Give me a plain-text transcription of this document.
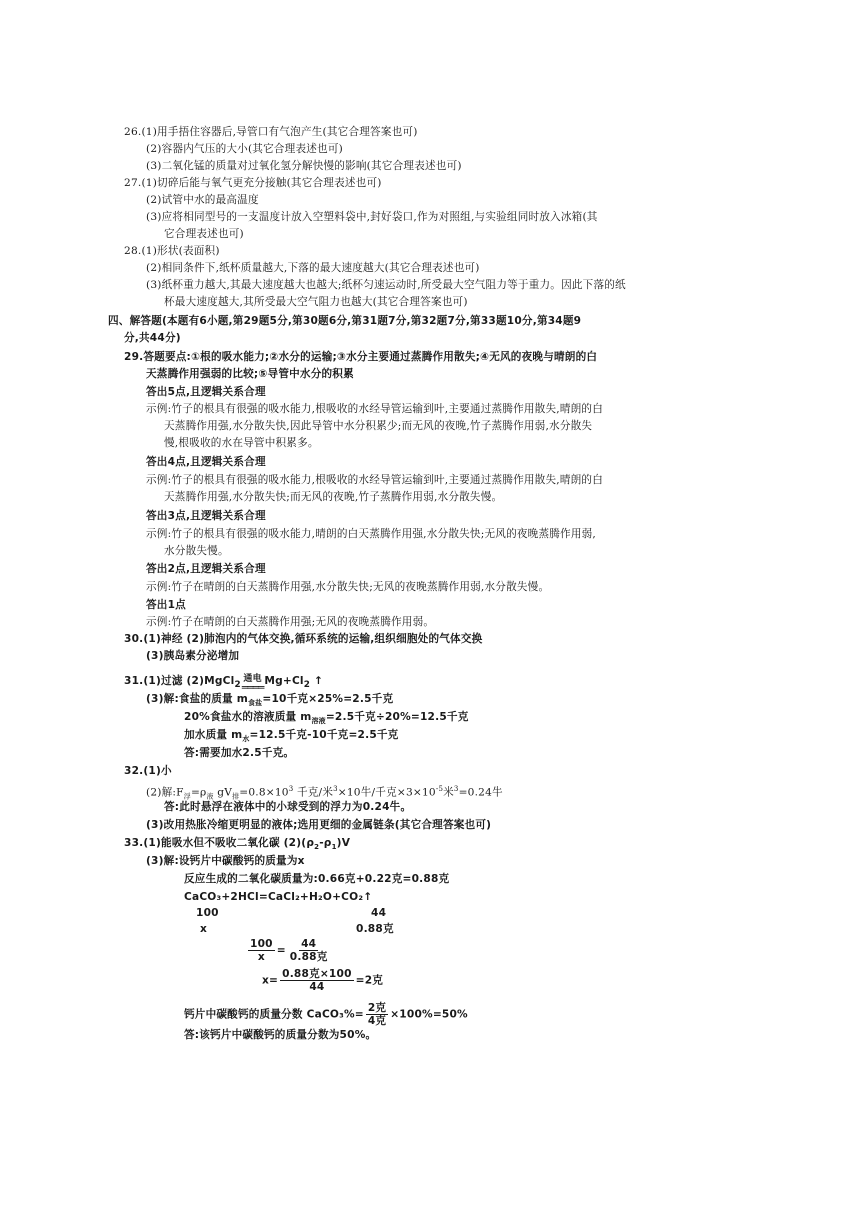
26.(1)用手捂住容器后,导管口有气泡产生(其它合理答案也可)
(2)容器内气压的大小(其它合理表述也可)
(3)二氧化锰的质量对过氧化氢分解快慢的影响(其它合理表述也可)
27.(1)切碎后能与氧气更充分接触(其它合理表述也可)
(2)试管中水的最高温度
(3)应将相同型号的一支温度计放入空塑料袋中,封好袋口,作为对照组,与实验组同时放入冰箱(其
它合理表述也可)
28.(1)形状(表面积)
(2)相同条件下,纸杯质量越大,下落的最大速度越大(其它合理表述也可)
(3)纸杯重力越大,其最大速度越大也越大;纸杯匀速运动时,所受最大空气阻力等于重力。因此下落的纸
杯最大速度越大,其所受最大空气阻力也越大(其它合理答案也可)
四、解答题(本题有6小题,第29题5分,第30题6分,第31题7分,第32题7分,第33题10分,第34题9
分,共44分)
29.答题要点:①根的吸水能力;②水分的运输;③水分主要通过蒸腾作用散失;④无风的夜晚与晴朗的白
天蒸腾作用强弱的比较;⑤导管中水分的积累
答出5点,且逻辑关系合理
示例:竹子的根具有很强的吸水能力,根吸收的水经导管运输到叶,主要通过蒸腾作用散失,晴朗的白
天蒸腾作用强,水分散失快,因此导管中水分积累少;而无风的夜晚,竹子蒸腾作用弱,水分散失
慢,根吸收的水在导管中积累多。
答出4点,且逻辑关系合理
示例:竹子的根具有很强的吸水能力,根吸收的水经导管运输到叶,主要通过蒸腾作用散失,晴朗的白
天蒸腾作用强,水分散失快;而无风的夜晚,竹子蒸腾作用弱,水分散失慢。
答出3点,且逻辑关系合理
示例:竹子的根具有很强的吸水能力,晴朗的白天蒸腾作用强,水分散失快;无风的夜晚蒸腾作用弱,
水分散失慢。
答出2点,且逻辑关系合理
示例:竹子在晴朗的白天蒸腾作用强,水分散失快;无风的夜晚蒸腾作用弱,水分散失慢。
答出1点
示例:竹子在晴朗的白天蒸腾作用强;无风的夜晚蒸腾作用弱。
30.(1)神经 (2)肺泡内的气体交换,循环系统的运输,组织细胞处的气体交换
(3)胰岛素分泌增加
31.(1)过滤 (2)MgCl$_2$
通电
════
$Mg+Cl_2$ ↑
(3)解:食盐的质量 $m_{食盐}=10$千克×25%=2.5千克
20%食盐水的溶液质量 $m_{溶液}=2.5$千克÷20%=12.5千克
加水质量 $m_水=12.5$千克-10千克=2.5千克
答:需要加水2.5千克。
32.(1)小
(2)解$:F_浮=\rho_液$ $gV_排=0.8\times 10^3$ 千克/米$^3$×10牛/千克$\times 3\times 10^{-5}$米$^3$=0.24牛
答:此时悬浮在液体中的小球受到的浮力为0.24牛。
(3)改用热胀冷缩更明显的液体;选用更细的金属链条(其它合理答案也可)
33.(1)能吸水但不吸收二氧化碳 $(2)(\rho_2-\rho_1)V$
(3)解:设钙片中碳酸钙的质量为x
反应生成的二氧化碳质量为:0.66克+0.22克=0.88克
CaCO₃+2HCl=CaCl₂+H₂O+CO₂↑
100	44
x	0.88克
$\frac{100}{x} = \frac{44}{\text{0.88克}}$
$x= \frac{\text{0.88克×100}}{44} =2$克
钙片中碳酸钙的质量分数 CaCO₃%= $\frac{\text{2克}}{\text{4克}} \times 100\%=50\%$
答:该钙片中碳酸钙的质量分数为50%。
